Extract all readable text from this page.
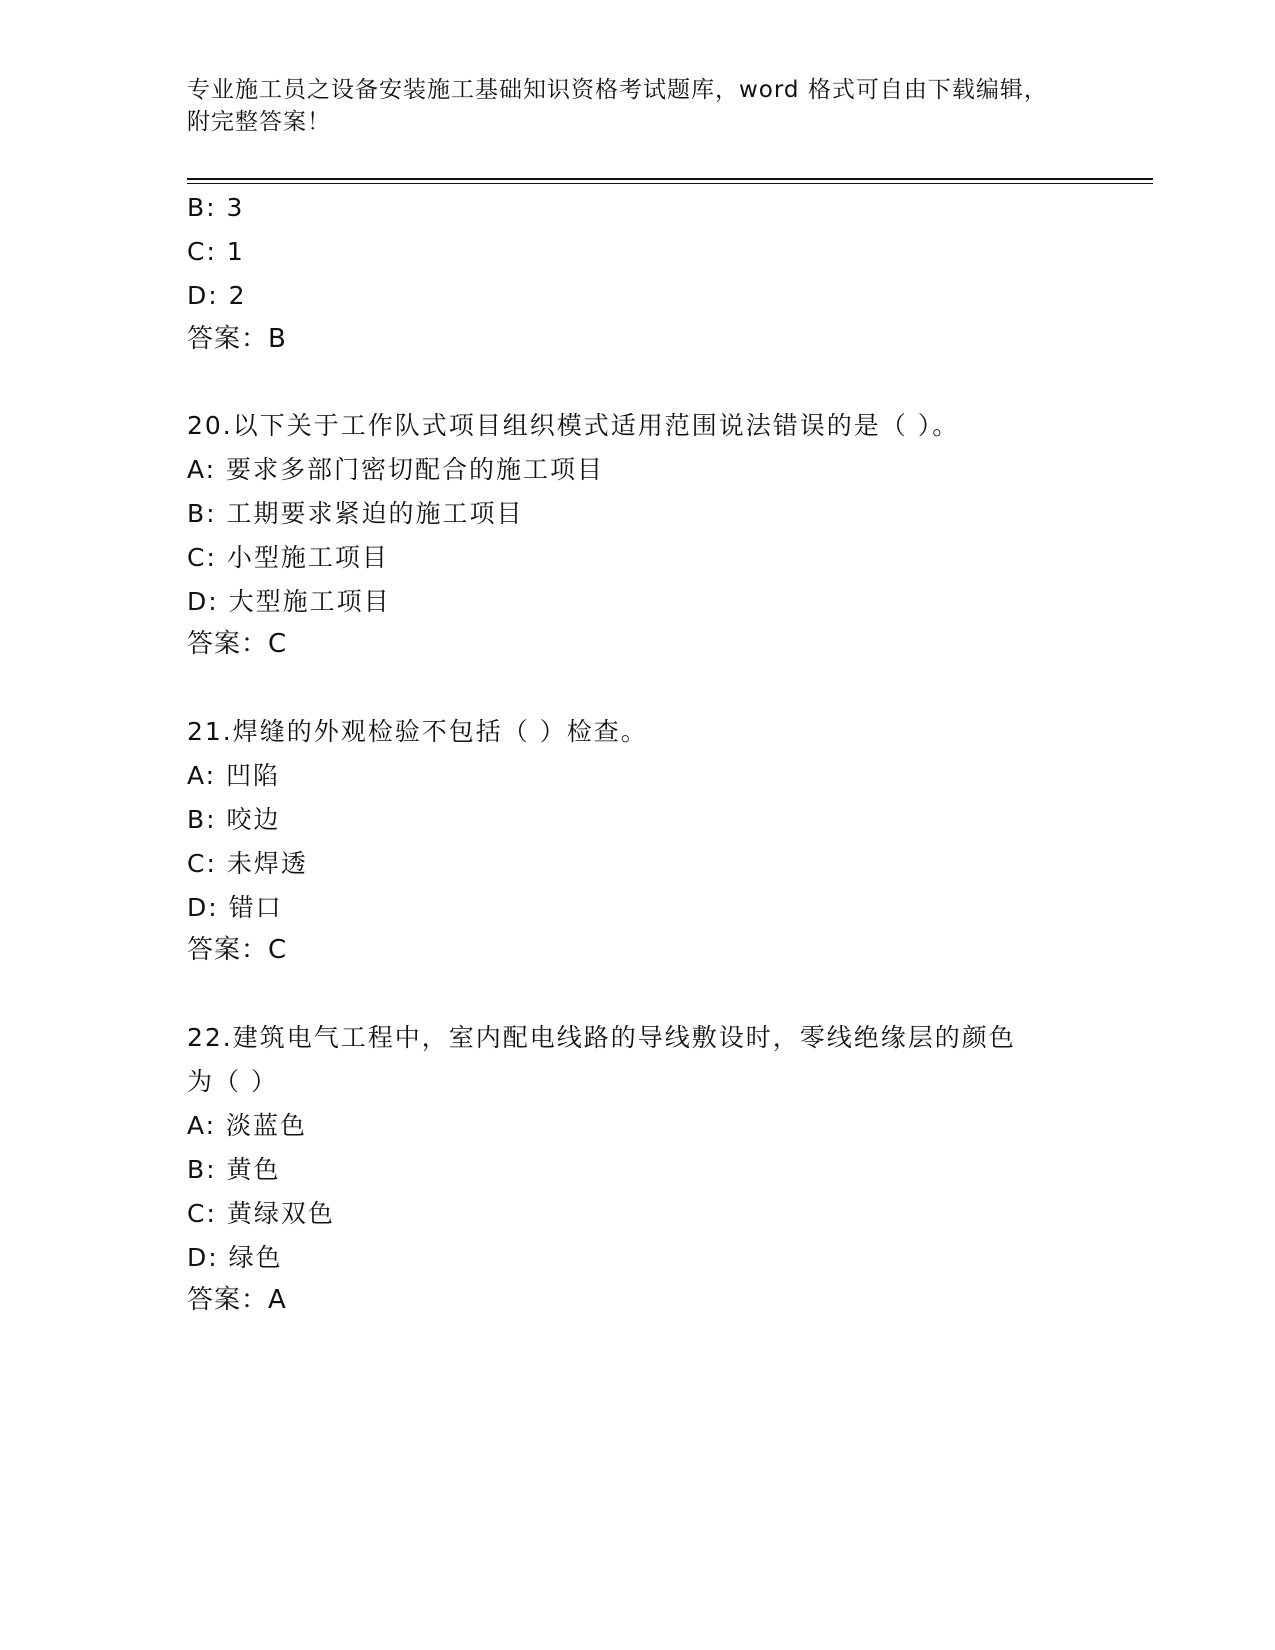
专业施工员之设备安装施工基础知识资格考试题库，word 格式可自由下载编辑，
附完整答案！
B: 3
C: 1
D: 2
答案：B
20.以下关于工作队式项目组织模式适用范围说法错误的是（ ）。
A: 要求多部门密切配合的施工项目
B: 工期要求紧迫的施工项目
C: 小型施工项目
D: 大型施工项目
答案：C
21.焊缝的外观检验不包括（ ）检查。
A: 凹陷
B: 咬边
C: 未焊透
D: 错口
答案：C
22.建筑电气工程中，室内配电线路的导线敷设时，零线绝缘层的颜色
为（ ）
A: 淡蓝色
B: 黄色
C: 黄绿双色
D: 绿色
答案：A
